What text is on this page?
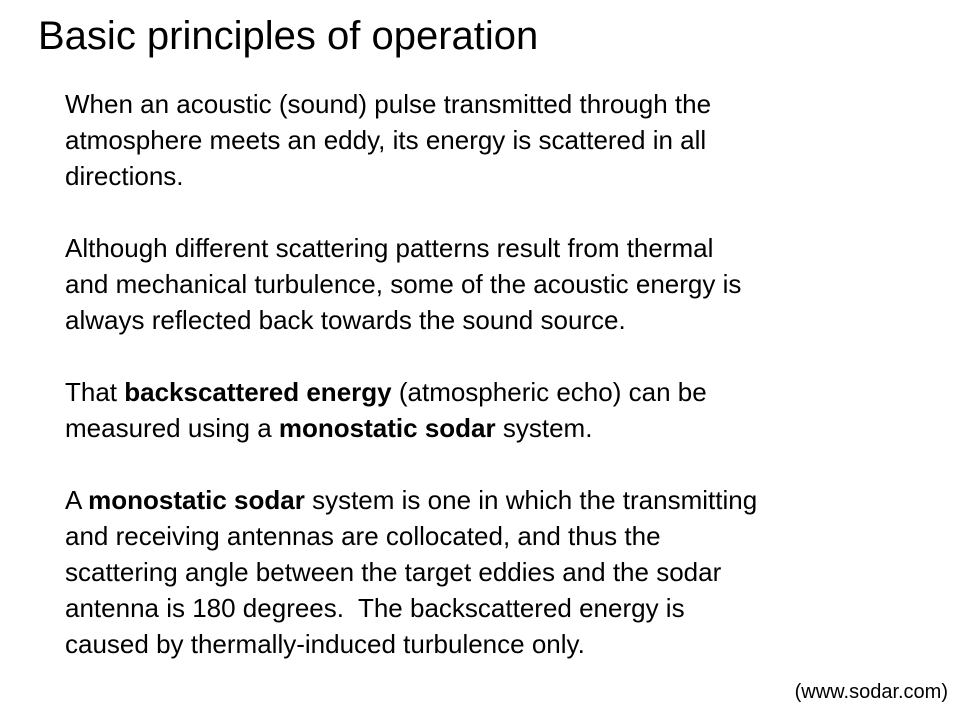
Basic principles of operation
When an acoustic (sound) pulse transmitted through the
atmosphere meets an eddy, its energy is scattered in all
directions.
Although different scattering patterns result from thermal
and mechanical turbulence, some of the acoustic energy is
always reflected back towards the sound source.
That backscattered energy (atmospheric echo) can be
measured using a monostatic sodar system.
A monostatic sodar system is one in which the transmitting
and receiving antennas are collocated, and thus the
scattering angle between the target eddies and the sodar
antenna is 180 degrees.  The backscattered energy is
caused by thermally-induced turbulence only.
(www.sodar.com)
